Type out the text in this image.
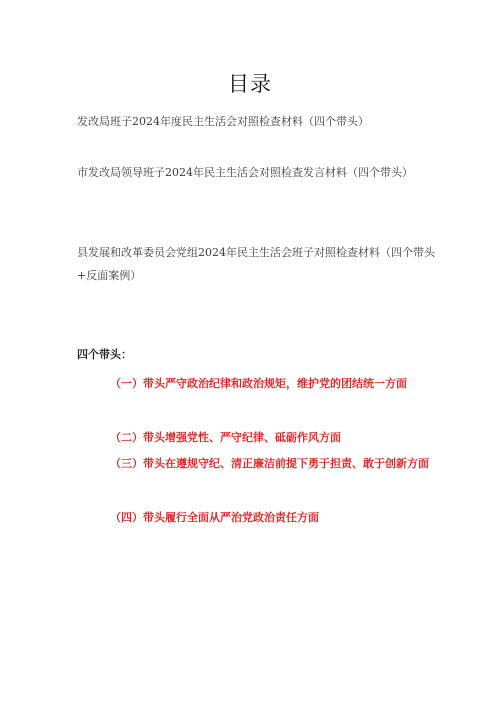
目录
发改局班子2024年度民主生活会对照检查材料（四个带头）
市发改局领导班子2024年民主生活会对照检查发言材料（四个带头）
县发展和改革委员会党组2024年民主生活会班子对照检查材料（四个带头+反面案例）
四个带头：
（一）带头严守政治纪律和政治规矩，维护党的团结统一方面
（二）带头增强党性、严守纪律、砥砺作风方面
（三）带头在遵规守纪、清正廉洁前提下勇于担责、敢于创新方面
（四）带头履行全面从严治党政治责任方面
